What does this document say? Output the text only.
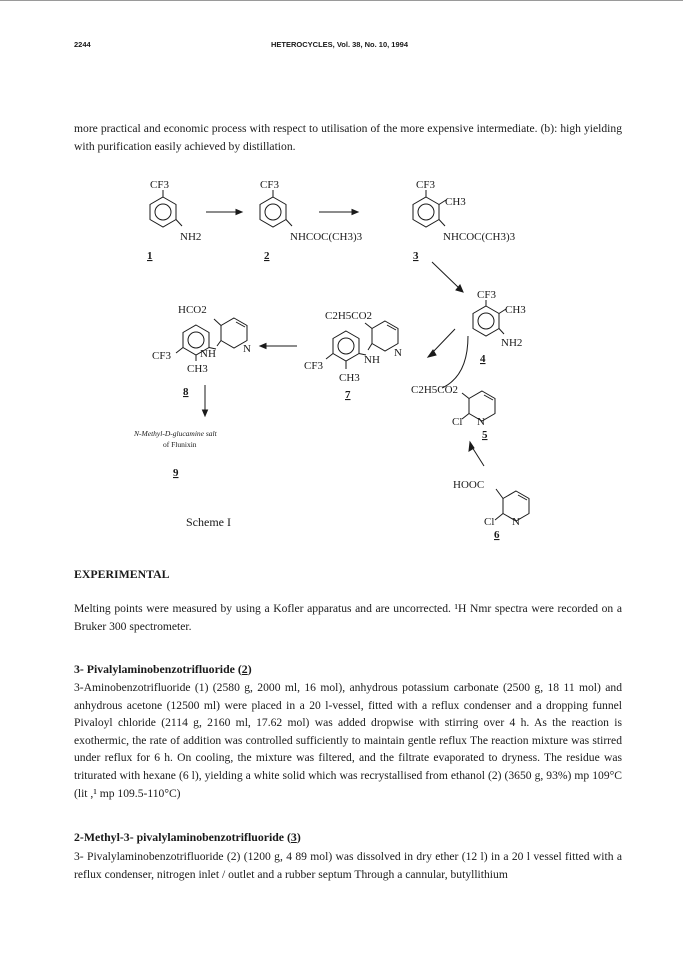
2244	HETEROCYCLES, Vol. 38, No. 10, 1994

more practical and economic process with respect to utilisation of the more expensive intermediate. (b): high yielding with purification easily achieved by distillation.

CF3
NH2
1
CF3
NHCOC(CH3)3
2
CF3
CH3
NHCOC(CH3)3
3
CF3
CH3
NH2
4
C2H5CO2
Cl N
5
HOOC
Cl N
6
C2H5CO2
N
NH
CF3
CH3
7
HCO2
N
NH
CF3
CH3
8
N-Methyl-D-glucamine salt
of Flunixin
9
Scheme I

EXPERIMENTAL

Melting points were measured by using a Kofler apparatus and are uncorrected. ¹H Nmr spectra were recorded on a Bruker 300 spectrometer.

3- Pivalylaminobenzotrifluoride (2)

3-Aminobenzotrifluoride (1) (2580 g, 2000 ml, 16 mol), anhydrous potassium carbonate (2500 g, 18 11 mol) and anhydrous acetone (12500 ml) were placed in a 20 l-vessel, fitted with a reflux condenser and a dropping funnel Pivaloyl chloride (2114 g, 2160 ml, 17.62 mol) was added dropwise with stirring over 4 h. As the reaction is exothermic, the rate of addition was controlled sufficiently to maintain gentle reflux The reaction mixture was stirred under reflux for 6 h. On cooling, the mixture was filtered, and the filtrate evaporated to dryness. The residue was triturated with hexane (6 l), yielding a white solid which was recrystallised from ethanol (2) (3650 g, 93%) mp 109°C (lit ,¹ mp 109.5-110°C)

2-Methyl-3- pivalylaminobenzotrifluoride (3)

3- Pivalylaminobenzotrifluoride (2) (1200 g, 4 89 mol) was dissolved in dry ether (12 l) in a 20 l vessel fitted with a reflux condenser, nitrogen inlet / outlet and a rubber septum Through a cannular, butyllithium
